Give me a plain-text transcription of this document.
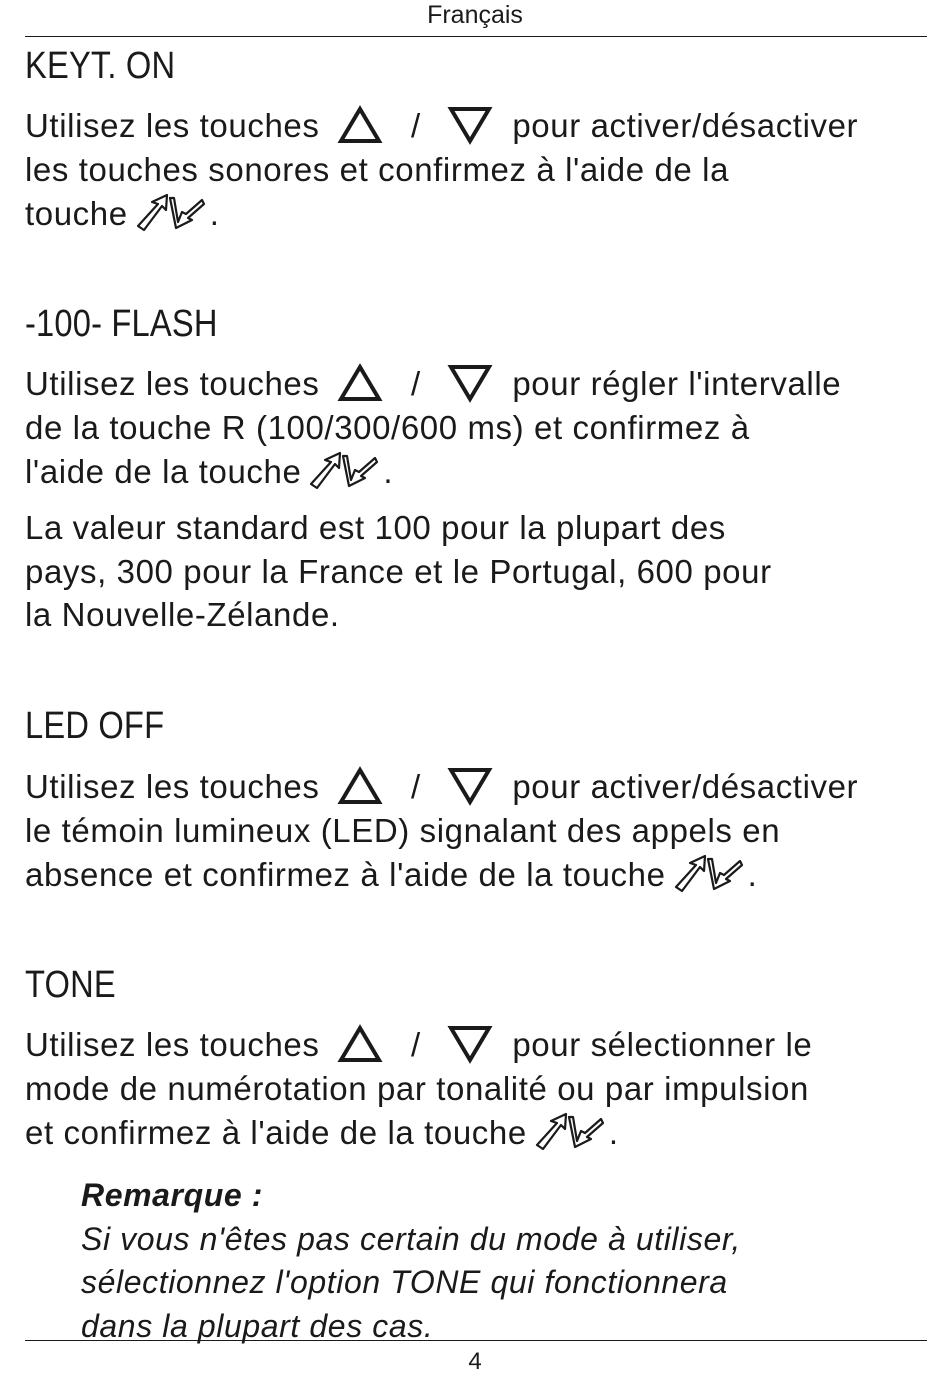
Français
KEYT. ON
Utilisez les touches	/	pour activer/désactiver
les touches sonores et confirmez à l'aide de la
touche .
-100- FLASH
Utilisez les touches	/	pour régler l'intervalle
de la touche R (100/300/600 ms) et confirmez à
l'aide de la touche .
La valeur standard est 100 pour la plupart des
pays, 300 pour la France et le Portugal, 600 pour
la Nouvelle-Zélande.
LED OFF
Utilisez les touches	/	pour activer/désactiver
le témoin lumineux (LED) signalant des appels en
absence et confirmez à l'aide de la touche .
TONE
Utilisez les touches	/	pour sélectionner le
mode de numérotation par tonalité ou par impulsion
et confirmez à l'aide de la touche .
Remarque :
Si vous n'êtes pas certain du mode à utiliser,
sélectionnez l'option TONE qui fonctionnera
dans la plupart des cas.
4
